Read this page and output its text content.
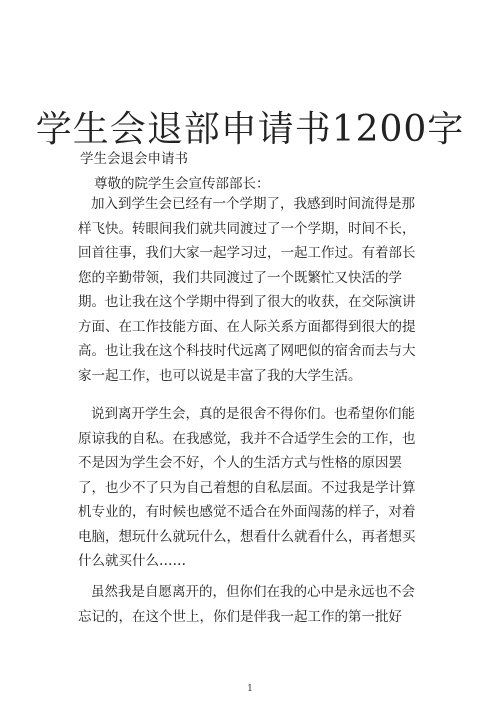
学生会退部申请书1200字
学生会退会申请书
尊敬的院学生会宣传部部长：
加入到学生会已经有一个学期了，我感到时间流得是那
样飞快。转眼间我们就共同渡过了一个学期，时间不长，
回首往事，我们大家一起学习过，一起工作过。有着部长
您的辛勤带领，我们共同渡过了一个既繁忙又快活的学
期。也让我在这个学期中得到了很大的收获，在交际演讲
方面、在工作技能方面、在人际关系方面都得到很大的提
高。也让我在这个科技时代远离了网吧似的宿舍而去与大
家一起工作，也可以说是丰富了我的大学生活。
说到离开学生会，真的是很舍不得你们。也希望你们能
原谅我的自私。在我感觉，我并不合适学生会的工作，也
不是因为学生会不好，个人的生活方式与性格的原因罢
了，也少不了只为自己着想的自私层面。不过我是学计算
机专业的，有时候也感觉不适合在外面闯荡的样子，对着
电脑，想玩什么就玩什么，想看什么就看什么，再者想买
什么就买什么……
虽然我是自愿离开的，但你们在我的心中是永远也不会
忘记的，在这个世上，你们是伴我一起工作的第一批好
1
